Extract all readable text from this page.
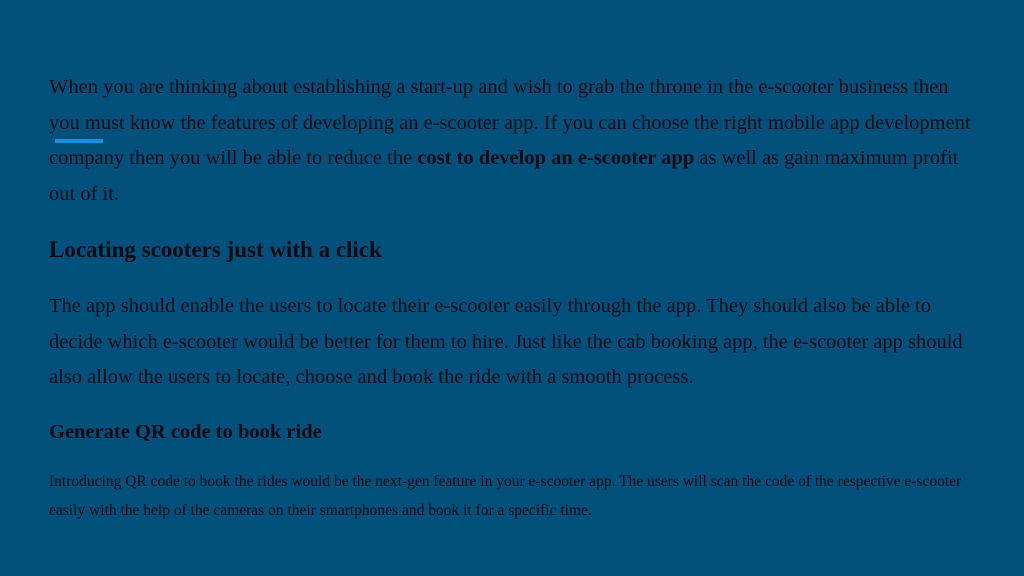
When you are thinking about establishing a start-up and wish to grab the throne in the e-scooter business then you must know the features of developing an e-scooter app. If you can choose the right mobile app development company then you will be able to reduce the cost to develop an e-scooter app as well as gain maximum profit out of it.

Locating scooters just with a click

The app should enable the users to locate their e-scooter easily through the app. They should also be able to decide which e-scooter would be better for them to hire. Just like the cab booking app, the e-scooter app should also allow the users to locate, choose and book the ride with a smooth process.

Generate QR code to book ride

Introducing QR code to book the rides would be the next-gen feature in your e-scooter app. The users will scan the code of the respective e-scooter easily with the help of the cameras on their smartphones and book it for a specific time.
